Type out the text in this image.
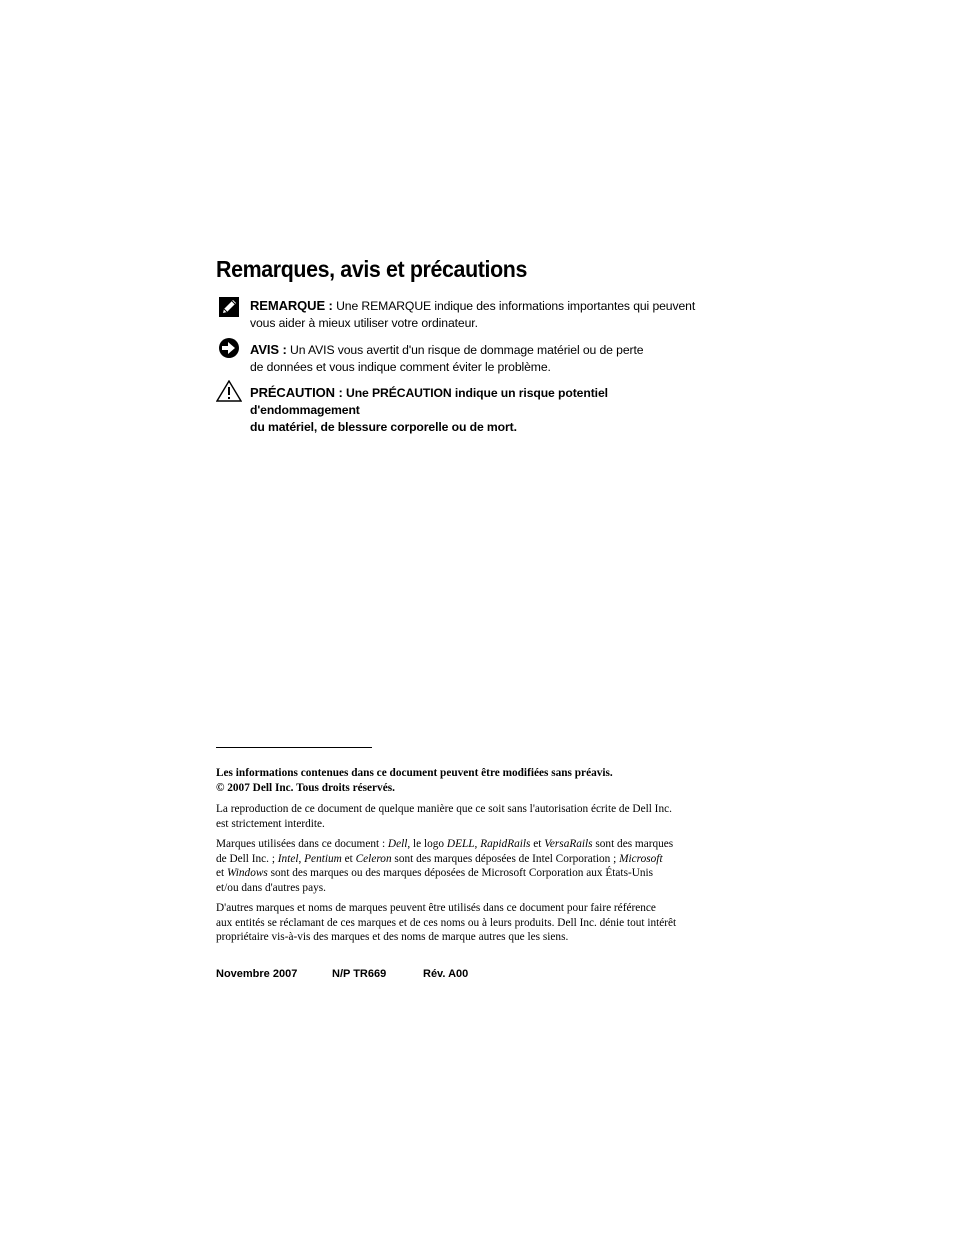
Remarques, avis et précautions
REMARQUE : Une REMARQUE indique des informations importantes qui peuvent
vous aider à mieux utiliser votre ordinateur.
AVIS : Un AVIS vous avertit d'un risque de dommage matériel ou de perte
de données et vous indique comment éviter le problème.
PRÉCAUTION : Une PRÉCAUTION indique un risque potentiel d'endommagement
du matériel, de blessure corporelle ou de mort.
Les informations contenues dans ce document peuvent être modifiées sans préavis.
© 2007 Dell Inc. Tous droits réservés.
La reproduction de ce document de quelque manière que ce soit sans l'autorisation écrite de Dell Inc.
est strictement interdite.
Marques utilisées dans ce document : Dell, le logo DELL, RapidRails et VersaRails sont des marques
de Dell Inc. ; Intel, Pentium et Celeron sont des marques déposées de Intel Corporation ; Microsoft
et Windows sont des marques ou des marques déposées de Microsoft Corporation aux États-Unis
et/ou dans d'autres pays.
D'autres marques et noms de marques peuvent être utilisés dans ce document pour faire référence
aux entités se réclamant de ces marques et de ces noms ou à leurs produits. Dell Inc. dénie tout intérêt
propriétaire vis-à-vis des marques et des noms de marque autres que les siens.
Novembre 2007	N/P TR669	Rév. A00
